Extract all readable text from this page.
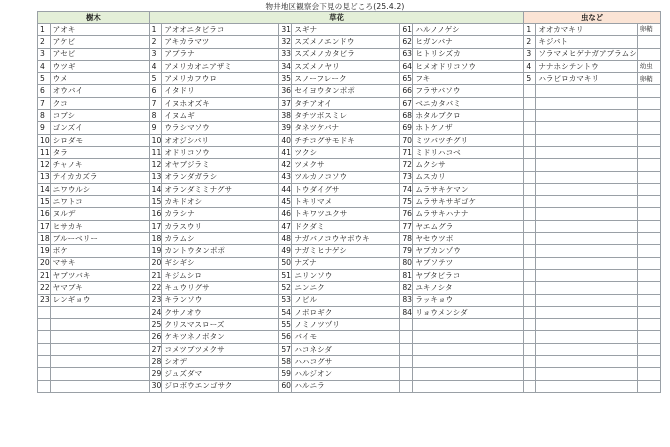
物井地区観察会下見の見どころ(25.4.2)
樹木		草花						虫など		
1	アオキ	1	アオオニタビラコ	31	スギナ	61	ハルノノゲシ	1	オオカマキリ	卵鞘
2	アケビ	2	アキカラマツ	32	スズメノエンドウ	62	ヒガンバナ	2	キジバト	
3	アセビ	3	アブラナ	33	スズメノカタビラ	63	ヒトリシズカ	3	ソラマメヒゲナガアブラムシ	
4	ウツギ	4	アメリカオニアザミ	34	スズメノヤリ	64	ヒメオドリコソウ	4	ナナホシテントウ	幼虫
5	ウメ	5	アメリカフウロ	35	スノーフレーク	65	フキ	5	ハラビロカマキリ	卵鞘
6	オウバイ	6	イタドリ	36	セイヨウタンポポ	66	フラサバソウ			
7	クコ	7	イヌホオズキ	37	タチアオイ	67	ベニカタバミ			
8	コブシ	8	イヌムギ	38	タチツボスミレ	68	ホタルブクロ			
9	ゴンズイ	9	ウラシマソウ	39	タネツケバナ	69	ホトケノザ			
10	シロダモ	10	オオジシバリ	40	チチコグサモドキ	70	ミツバツチグリ			
11	タラ	11	オドリコソウ	41	ツクシ	71	ミドリハコベ			
12	チャノキ	12	オヤブジラミ	42	ツメクサ	72	ムクシサ			
13	テイカカズラ	13	オランダガラシ	43	ツルカノコソウ	73	ムスカリ			
14	ニワウルシ	14	オランダミミナグサ	44	トウダイグサ	74	ムラサキケマン			
15	ニワトコ	15	カキドオシ	45	トキリマメ	75	ムラサキサギゴケ			
16	ヌルデ	16	カラシナ	46	トキワツユクサ	76	ムラサキハナナ			
17	ヒサカキ	17	カラスウリ	47	ドクダミ	77	ヤエムグラ			
18	ブルーベリー	18	カラムシ	48	ナガバノコウヤボウキ	78	ヤセウツボ			
19	ボケ	19	カントウタンポポ	49	ナガミヒナゲシ	79	ヤブカンゾウ			
20	マサキ	20	ギシギシ	50	ナズナ	80	ヤブソテツ			
21	ヤブツバキ	21	キジムシロ	51	ニリンソウ	81	ヤブタビラコ			
22	ヤマブキ	22	キュウリグサ	52	ニンニク	82	ユキノシタ			
23	レンギョウ	23	キランソウ	53	ノビル	83	ラッキョウ			
		24	クサノオウ	54	ノボロギク	84	リョウメンシダ			
		25	クリスマスローズ	55	ノミノツヅリ					
		26	ケキツネノボタン	56	バイモ					
		27	コメツブツメクサ	57	ハコネシダ					
		28	シオデ	58	ハハコグサ					
		29	ジュズダマ	59	ハルジオン					
		30	ジロボウエンゴサク	60	ハルニラ					
